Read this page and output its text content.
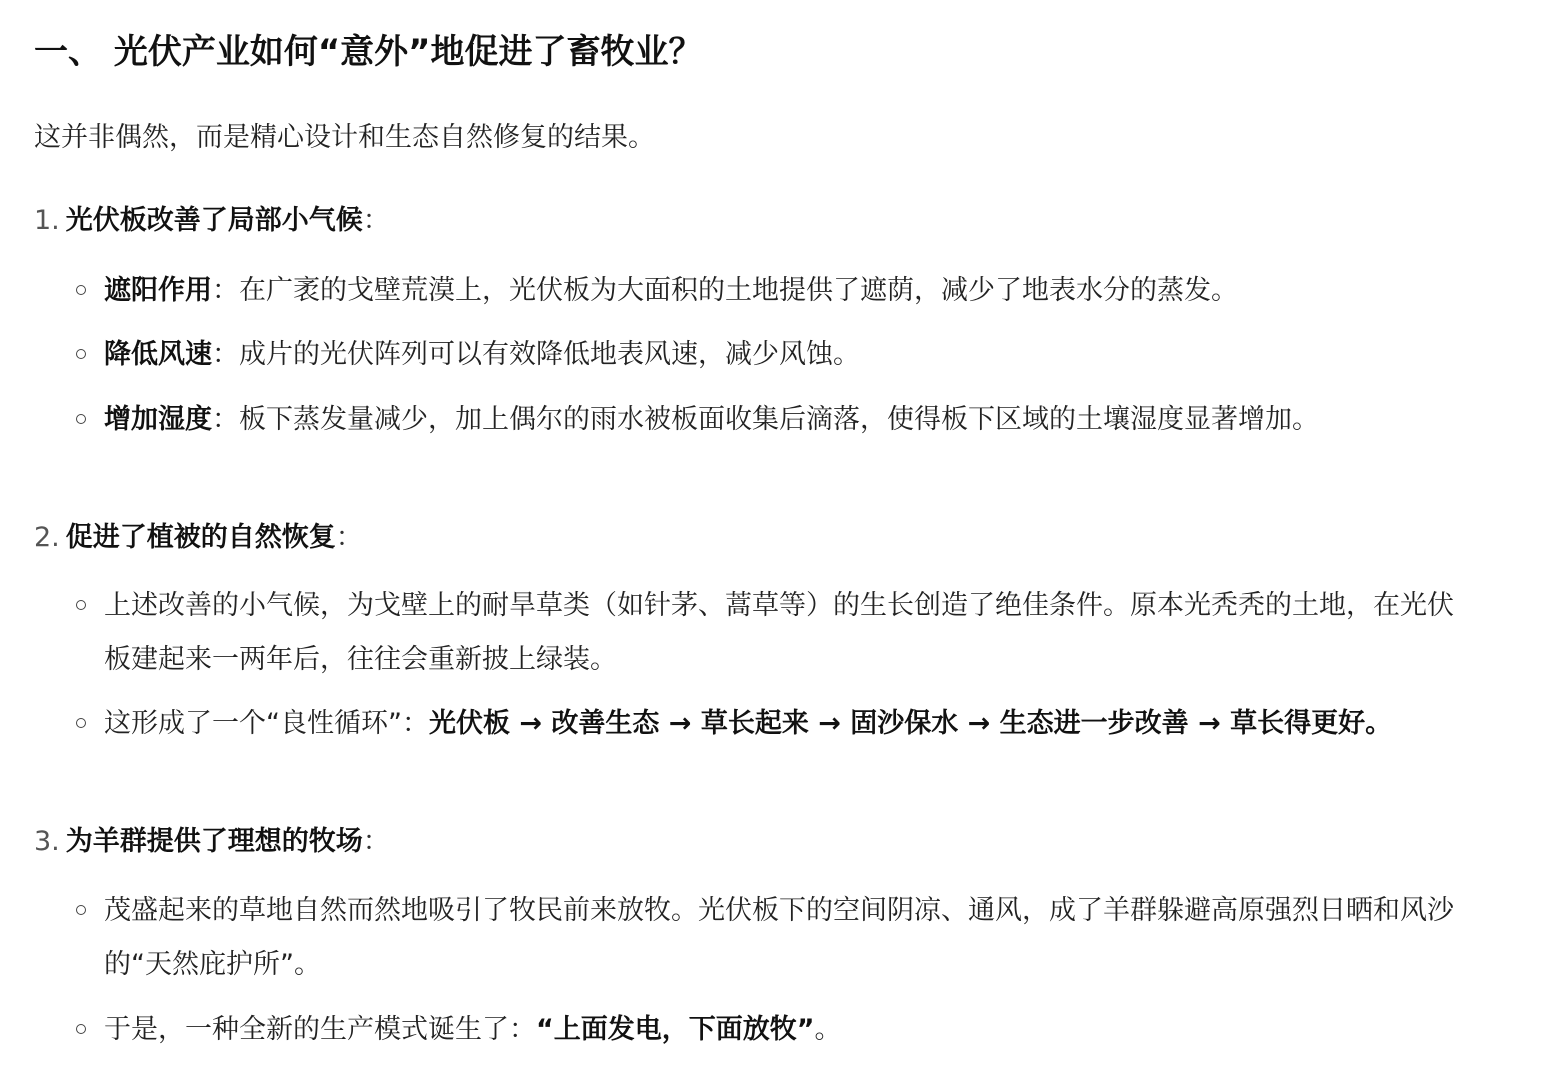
一、 光伏产业如何“意外”地促进了畜牧业？
这并非偶然，而是精心设计和生态自然修复的结果。
1. 光伏板改善了局部小气候：
遮阳作用：在广袤的戈壁荒漠上，光伏板为大面积的土地提供了遮荫，减少了地表水分的蒸发。
降低风速：成片的光伏阵列可以有效降低地表风速，减少风蚀。
增加湿度：板下蒸发量减少，加上偶尔的雨水被板面收集后滴落，使得板下区域的土壤湿度显著增加。
2. 促进了植被的自然恢复：
上述改善的小气候，为戈壁上的耐旱草类（如针茅、蒿草等）的生长创造了绝佳条件。原本光秃秃的土地，在光伏板建起来一两年后，往往会重新披上绿装。
这形成了一个“良性循环”：光伏板 → 改善生态 → 草长起来 → 固沙保水 → 生态进一步改善 → 草长得更好。
3. 为羊群提供了理想的牧场：
茂盛起来的草地自然而然地吸引了牧民前来放牧。光伏板下的空间阴凉、通风，成了羊群躲避高原强烈日晒和风沙的“天然庇护所”。
于是，一种全新的生产模式诞生了：“上面发电，下面放牧”。
